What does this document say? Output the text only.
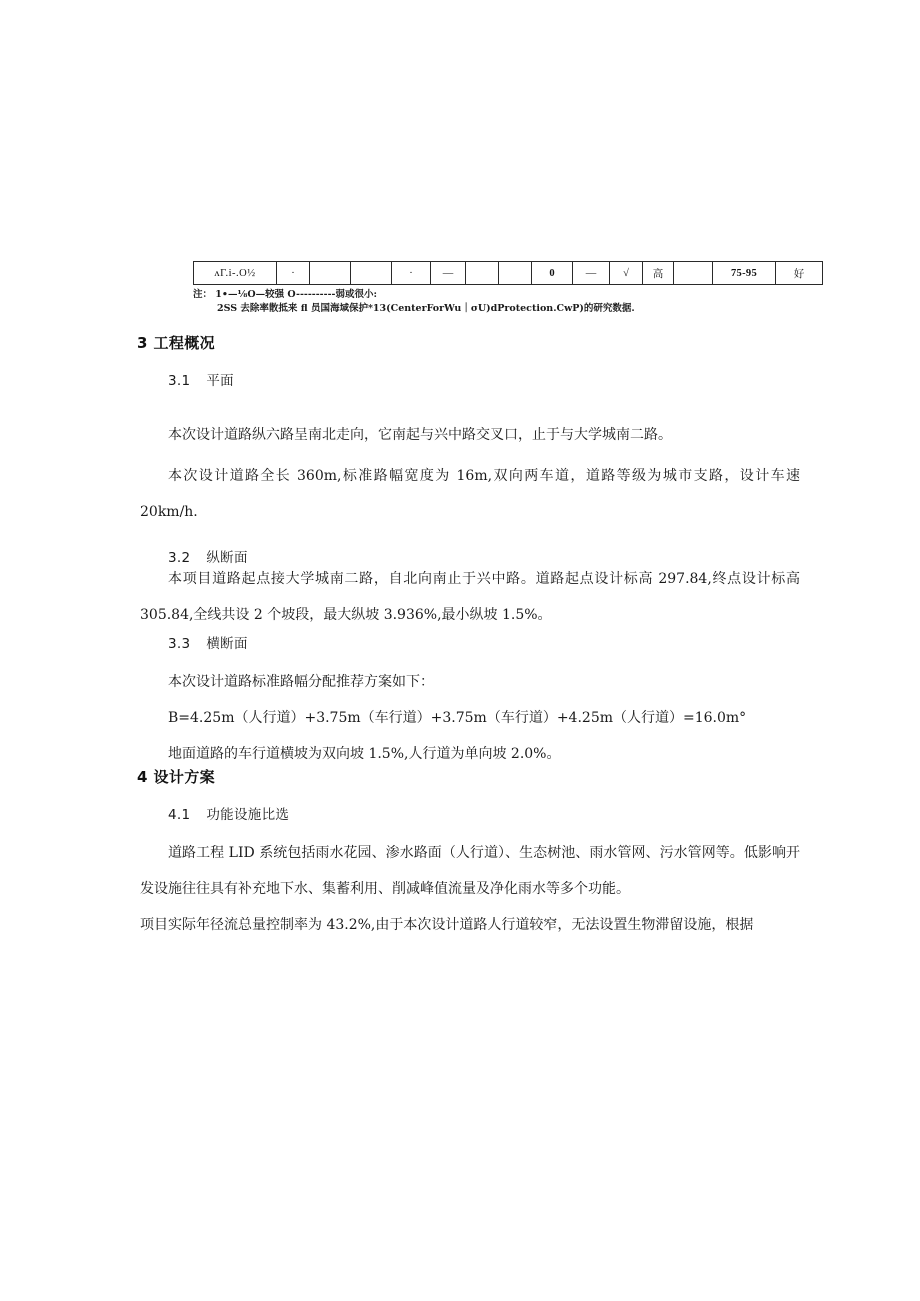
ʌΓ.i-.O½	·			·	—			0	—	√	高		75-95	好
注： 1•—⅛O—较强 O----------弱或很小:
2SS 去除率散抵来 fl 员国海域保护*13(CenterForWu｜σU)dProtection.CwP)的研究数据.
3 工程概况
3.1 平面
本次设计道路纵六路呈南北走向，它南起与兴中路交叉口，止于与大学城南二路。
本次设计道路全长 360m,标准路幅宽度为 16m,双向两车道，道路等级为城市支路，设计车速20km/h.
3.2 纵断面
本项目道路起点接大学城南二路，自北向南止于兴中路。道路起点设计标高 297.84,终点设计标高305.84,全线共设 2 个坡段，最大纵坡 3.936%,最小纵坡 1.5%。
3.3 横断面
本次设计道路标准路幅分配推荐方案如下：
B=4.25m（人行道）+3.75m（车行道）+3.75m（车行道）+4.25m（人行道）=16.0m°
地面道路的车行道横坡为双向坡 1.5%,人行道为单向坡 2.0%。
4 设计方案
4.1 功能设施比选
道路工程 LID 系统包括雨水花园、渗水路面（人行道）、生态树池、雨水管网、污水管网等。低影响开发设施往往具有补充地下水、集蓄利用、削减峰值流量及净化雨水等多个功能。
项目实际年径流总量控制率为 43.2%,由于本次设计道路人行道较窄，无法设置生物滞留设施，根据
